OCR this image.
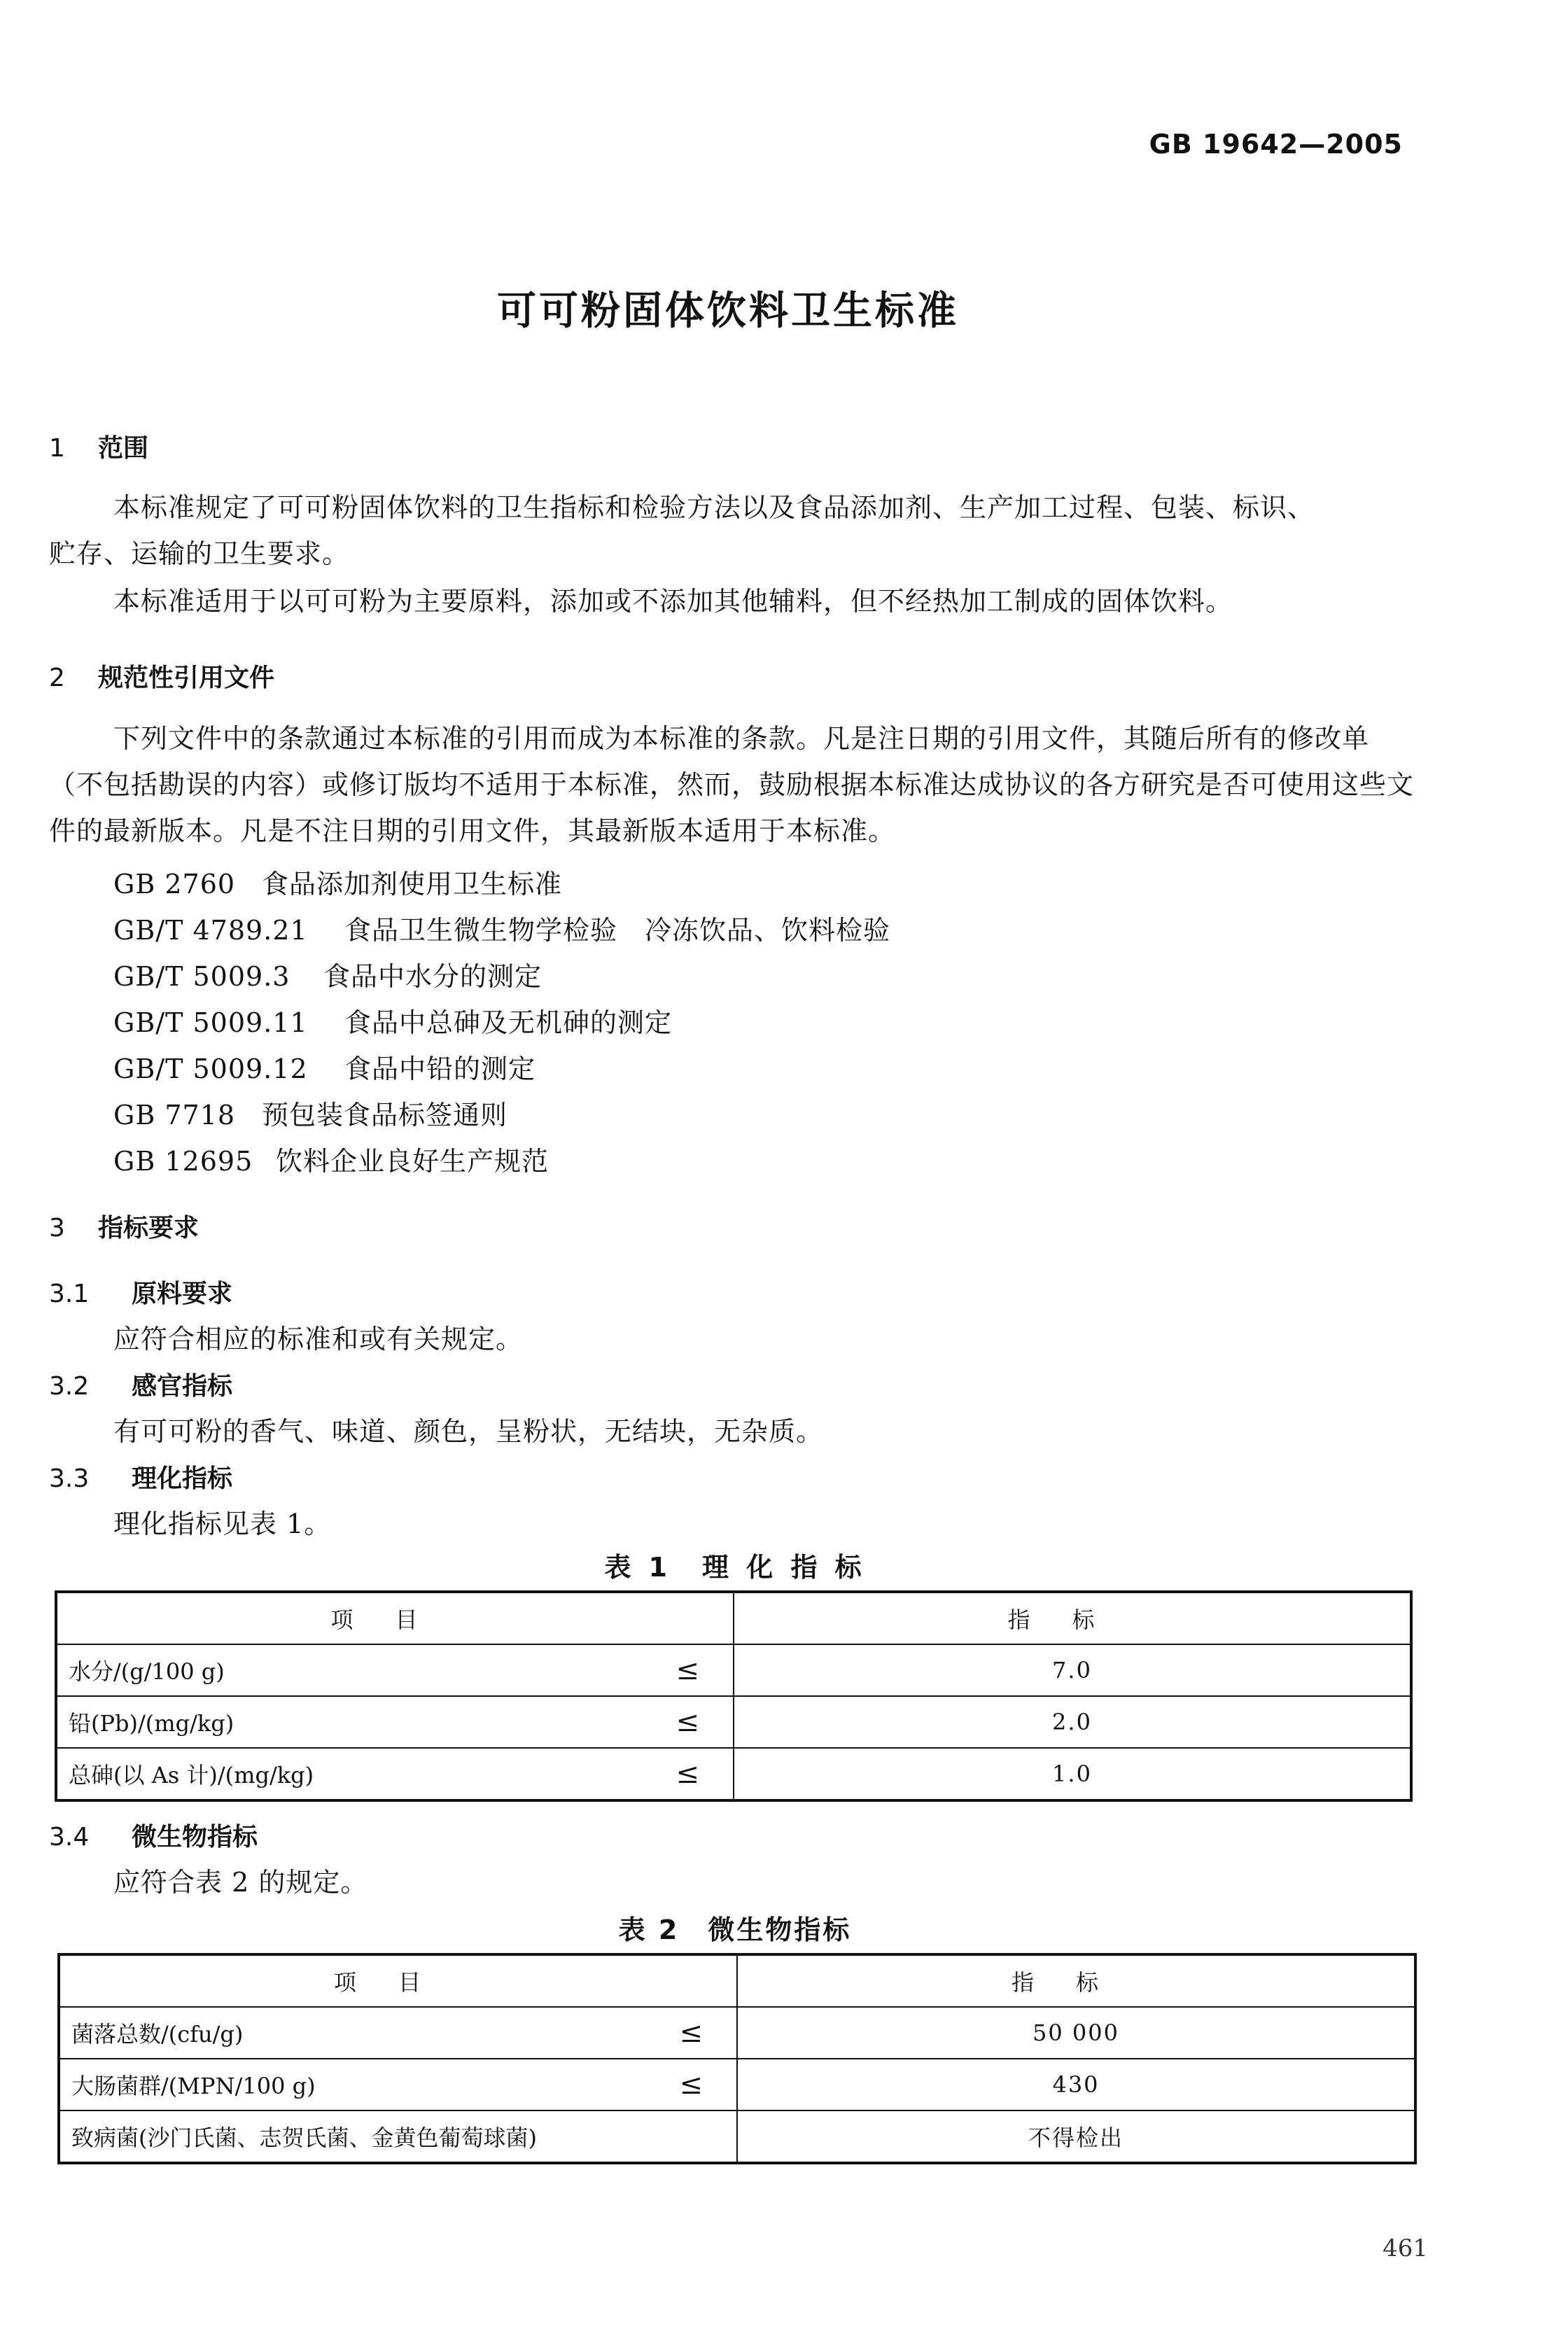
GB 19642—2005
可可粉固体饮料卫生标准
1 范围
本标准规定了可可粉固体饮料的卫生指标和检验方法以及食品添加剂、生产加工过程、包装、标识、
贮存、运输的卫生要求。
本标准适用于以可可粉为主要原料，添加或不添加其他辅料，但不经热加工制成的固体饮料。
2 规范性引用文件
下列文件中的条款通过本标准的引用而成为本标准的条款。凡是注日期的引用文件，其随后所有的修改单（不包括勘误的内容）或修订版均不适用于本标准，然而，鼓励根据本标准达成协议的各方研究是否可使用这些文件的最新版本。凡是不注日期的引用文件，其最新版本适用于本标准。
GB 2760 食品添加剂使用卫生标准
GB/T 4789.21 食品卫生微生物学检验　冷冻饮品、饮料检验
GB/T 5009.3 食品中水分的测定
GB/T 5009.11 食品中总砷及无机砷的测定
GB/T 5009.12 食品中铅的测定
GB 7718 预包装食品标签通则
GB 12695 饮料企业良好生产规范
3 指标要求
3.1 原料要求
应符合相应的标准和或有关规定。
3.2 感官指标
有可可粉的香气、味道、颜色，呈粉状，无结块，无杂质。
3.3 理化指标
理化指标见表 1。
表 1　理 化 指 标
项目	指标
水分/(g/100 g) ≤	7.0
铅(Pb)/(mg/kg) ≤	2.0
总砷(以 As 计)/(mg/kg) ≤	1.0
3.4 微生物指标
应符合表 2 的规定。
表 2　微生物指标
项目	指标
菌落总数/(cfu/g) ≤	50 000
大肠菌群/(MPN/100 g) ≤	430
致病菌(沙门氏菌、志贺氏菌、金黄色葡萄球菌)	不得检出
461
